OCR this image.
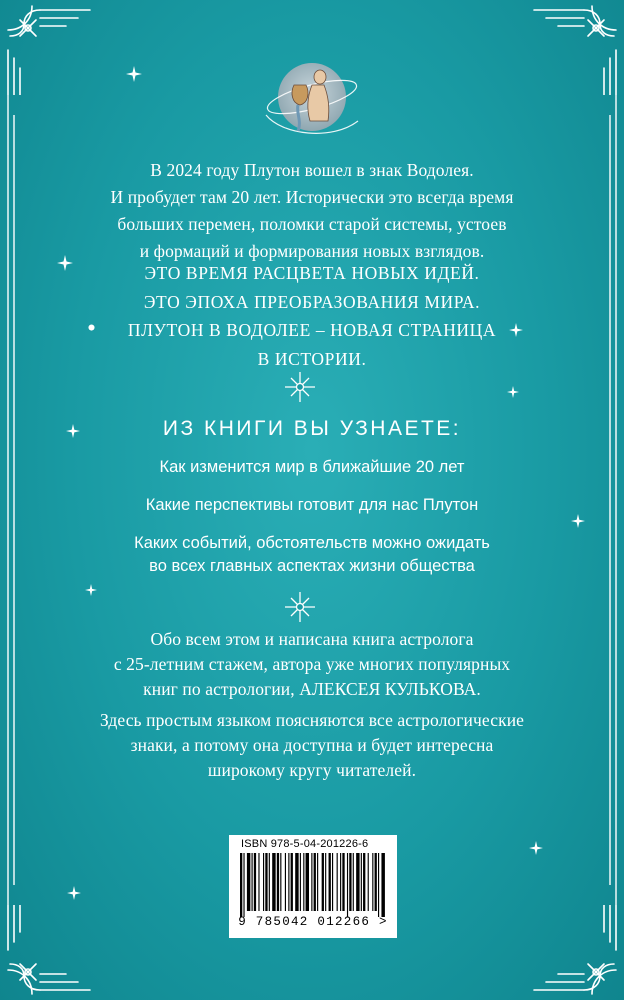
В 2024 году Плутон вошел в знак Водолея.
И пробудет там 20 лет. Исторически это всегда время
больших перемен, поломки старой системы, устоев
и формаций и формирования новых взглядов.
ЭТО ВРЕМЯ РАСЦВЕТА НОВЫХ ИДЕЙ.
ЭТО ЭПОХА ПРЕОБРАЗОВАНИЯ МИРА.
ПЛУТОН В ВОДОЛЕЕ – НОВАЯ СТРАНИЦА
В ИСТОРИИ.
ИЗ КНИГИ ВЫ УЗНАЕТЕ:
Как изменится мир в ближайшие 20 лет
Какие перспективы готовит для нас Плутон
Каких событий, обстоятельств можно ожидать
во всех главных аспектах жизни общества
Обо всем этом и написана книга астролога
с 25-летним стажем, автора уже многих популярных
книг по астрологии, АЛЕКСЕЯ КУЛЬКОВА.
Здесь простым языком поясняются все астрологические
знаки, а потому она доступна и будет интересна
широкому кругу читателей.
ISBN 978-5-04-201226-6
9 785042 012266 >
